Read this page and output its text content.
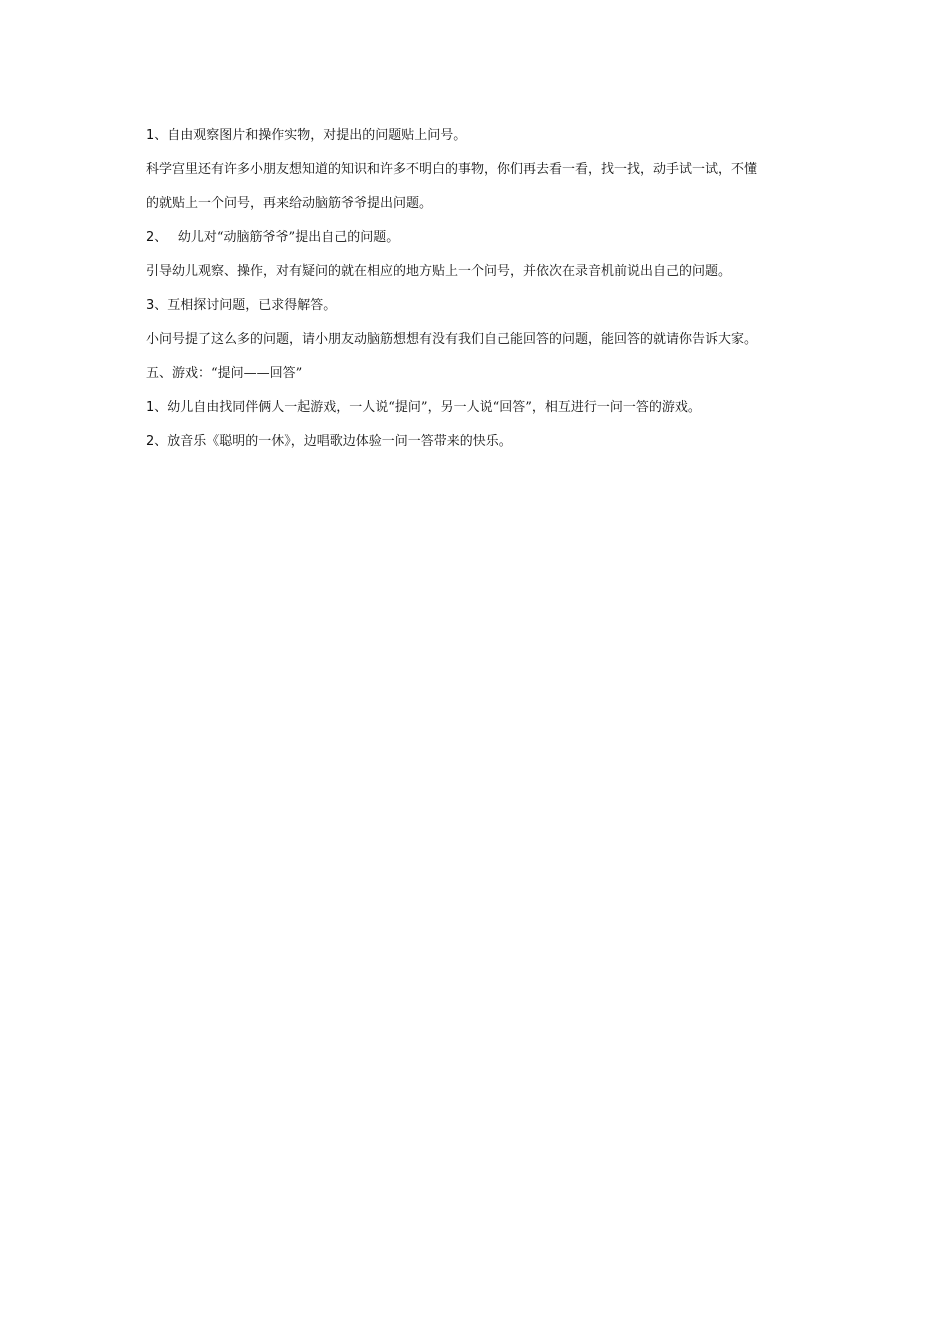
1、自由观察图片和操作实物，对提出的问题贴上问号。

科学宫里还有许多小朋友想知道的知识和许多不明白的事物，你们再去看一看，找一找，动手试一试，不懂

的就贴上一个问号，再来给动脑筋爷爷提出问题。

2、　 幼儿对“动脑筋爷爷”提出自己的问题。

引导幼儿观察、操作，对有疑问的就在相应的地方贴上一个问号，并依次在录音机前说出自己的问题。

3、互相探讨问题，已求得解答。

小问号提了这么多的问题，请小朋友动脑筋想想有没有我们自己能回答的问题，能回答的就请你告诉大家。

五、游戏：“提问——回答”

1、幼儿自由找同伴俩人一起游戏，一人说“提问”，另一人说“回答”，相互进行一问一答的游戏。

2、放音乐《聪明的一休》，边唱歌边体验一问一答带来的快乐。
